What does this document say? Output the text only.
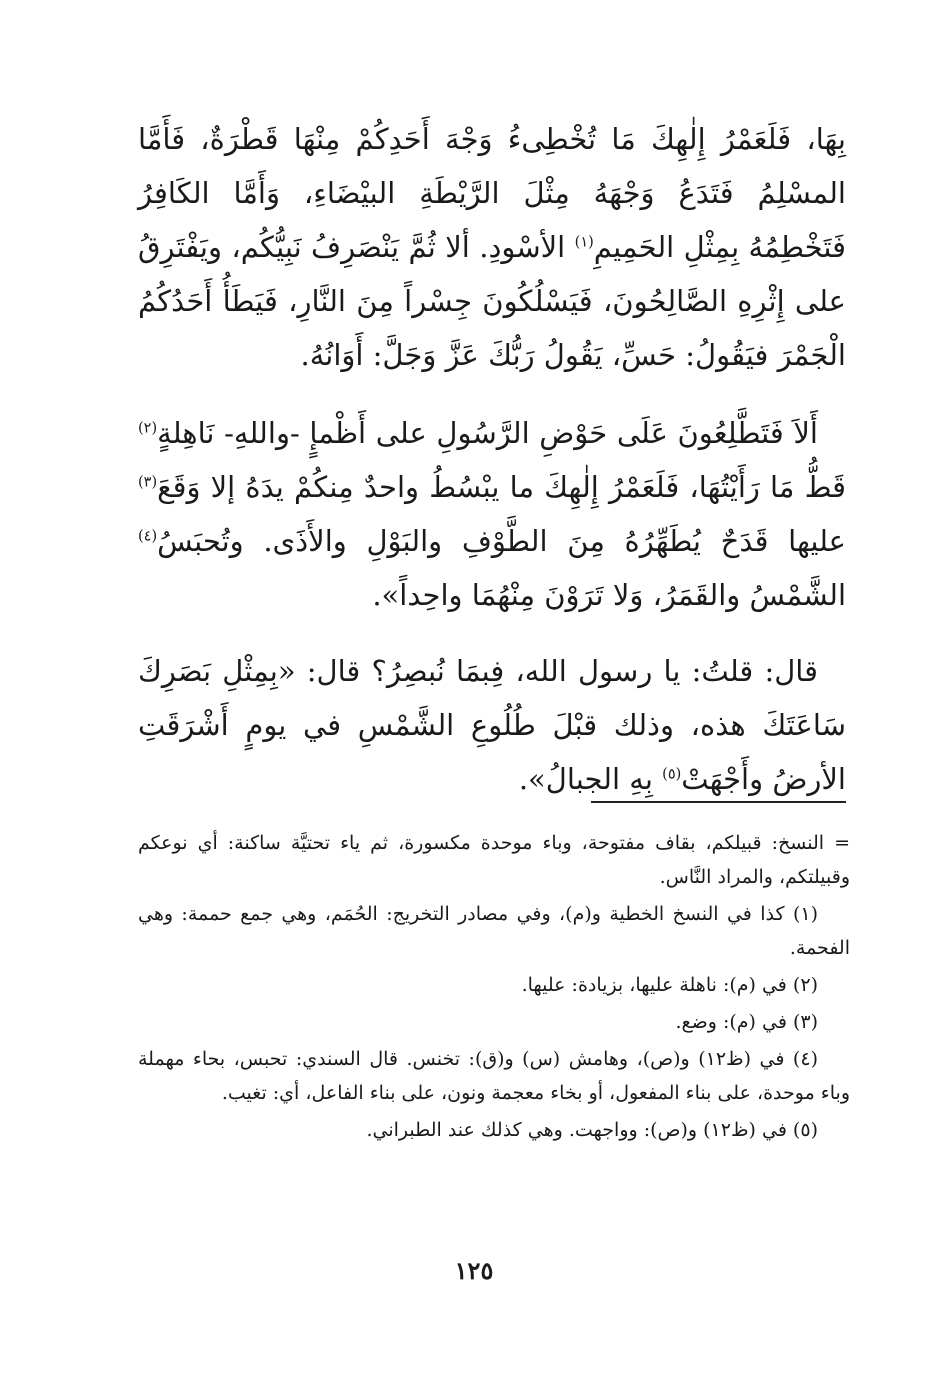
بِهَا، فَلَعَمْرُ إِلٰهِكَ مَا تُخْطِىءُ وَجْهَ أَحَدِكُمْ مِنْهَا قَطْرَةٌ، فَأَمَّا المسْلِمُ فَتَدَعُ وَجْهَهُ مِثْلَ الرَّيْطَةِ البيْضَاءِ، وَأَمَّا الكَافِرُ فَتَخْطِمُهُ بِمِثْلِ الحَمِيمِ$^{(١)}$ الأسْودِ. ألا ثُمَّ يَنْصَرِفُ نَبِيُّكُم، ويَفْتَرِقُ على إِثْرِهِ الصَّالِحُونَ، فَيَسْلُكُونَ جِسْراً مِنَ النَّارِ، فَيَطَأُ أَحَدُكُمُ الْجَمْرَ فيَقُولُ: حَسِّ، يَقُولُ رَبُّكَ عَزَّ وَجَلَّ: أَوَانُهُ.

أَلاَ فَتَطَّلِعُونَ عَلَى حَوْضِ الرَّسُولِ على أَظْمإٍ -واللهِ- نَاهِلةٍ$^{(٢)}$ قَطُّ مَا رَأَيْتُهَا، فَلَعَمْرُ إِلٰهِكَ ما يبْسُطُ واحدٌ مِنكُمْ يدَهُ إلا وَقَعَ$^{(٣)}$ عليها قَدَحٌ يُطَهِّرُهُ مِنَ الطَّوْفِ والبَوْلِ والأَذَى. وتُحبَسُ$^{(٤)}$ الشَّمْسُ والقَمَرُ، وَلا تَرَوْنَ مِنْهُمَا واحِداً».

قال: قلتُ: يا رسول الله، فِبمَا نُبصِرُ؟ قال: «بِمِثْلِ بَصَرِكَ سَاعَتَكَ هذه، وذلك قبْلَ طُلُوعِ الشَّمْسِ في يومٍ أَشْرَقَتِ الأرضُ وأَجْهَتْ$^{(٥)}$ بِهِ الجبالُ».

= النسخ: قبيلكم، بقاف مفتوحة، وباء موحدة مكسورة، ثم ياء تحتيَّة ساكنة: أي نوعكم وقبيلتكم، والمراد النَّاس.

(١) كذا في النسخ الخطية و(م)، وفي مصادر التخريج: الحُمَم، وهي جمع حممة: وهي الفحمة.

(٢) في (م): ناهلة عليها، بزيادة: عليها.

(٣) في (م): وضع.

(٤) في (ظ١٢) و(ص)، وهامش (س) و(ق): تخنس. قال السندي: تحبس، بحاء مهملة وباء موحدة، على بناء المفعول، أو بخاء معجمة ونون، على بناء الفاعل، أي: تغيب.

(٥) في (ظ١٢) و(ص): وواجهت. وهي كذلك عند الطبراني.

١٢٥
